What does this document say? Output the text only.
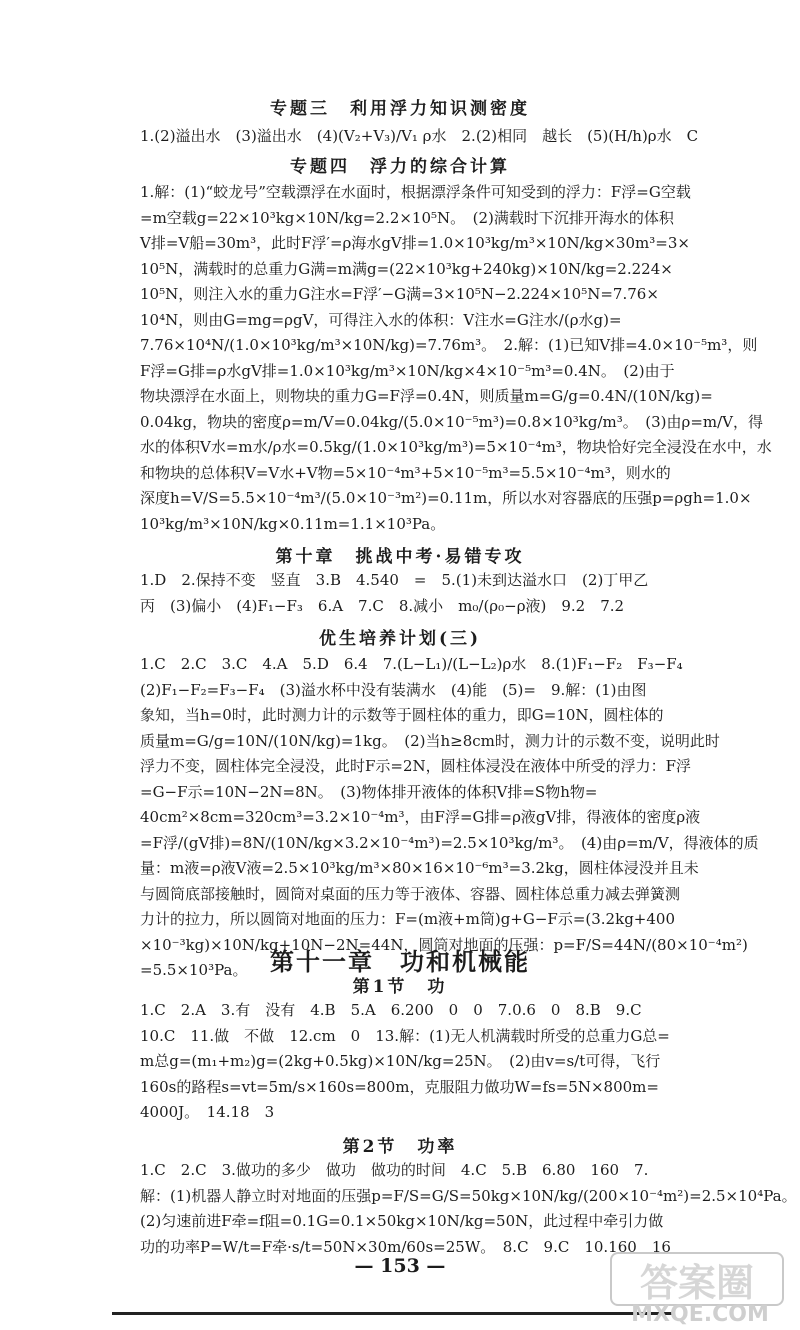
专题三　利用浮力知识测密度
1.(2)溢出水　(3)溢出水　(4)(V₂+V₃)/V₁ ρ水　2.(2)相同　越长　(5)(H/h)ρ水　C
专题四　浮力的综合计算
1.解：(1)“蛟龙号”空载漂浮在水面时，根据漂浮条件可知受到的浮力：F浮=G空载
=m空载g=22×10³kg×10N/kg=2.2×10⁵N。　(2)满载时下沉排开海水的体积
V排=V船=30m³，此时F浮′=ρ海水gV排=1.0×10³kg/m³×10N/kg×30m³=3×
10⁵N，满载时的总重力G满=m满g=(22×10³kg+240kg)×10N/kg=2.224×
10⁵N，则注入水的重力G注水=F浮′−G满=3×10⁵N−2.224×10⁵N=7.76×
10⁴N，则由G=mg=ρgV，可得注入水的体积：V注水=G注水/(ρ水g)=
7.76×10⁴N/(1.0×10³kg/m³×10N/kg)=7.76m³。　2.解：(1)已知V排=4.0×10⁻⁵m³，则
F浮=G排=ρ水gV排=1.0×10³kg/m³×10N/kg×4×10⁻⁵m³=0.4N。　(2)由于
物块漂浮在水面上，则物块的重力G=F浮=0.4N，则质量m=G/g=0.4N/(10N/kg)=
0.04kg，物块的密度ρ=m/V=0.04kg/(5.0×10⁻⁵m³)=0.8×10³kg/m³。　(3)由ρ=m/V，得
水的体积V水=m水/ρ水=0.5kg/(1.0×10³kg/m³)=5×10⁻⁴m³，物块恰好完全浸没在水中，水
和物块的总体积V=V水+V物=5×10⁻⁴m³+5×10⁻⁵m³=5.5×10⁻⁴m³，则水的
深度h=V/S=5.5×10⁻⁴m³/(5.0×10⁻³m²)=0.11m，所以水对容器底的压强p=ρgh=1.0×
10³kg/m³×10N/kg×0.11m=1.1×10³Pa。
第十章　挑战中考·易错专攻
1.D　2.保持不变　竖直　3.B　4.540　=　5.(1)未到达溢水口　(2)丁甲乙
丙　(3)偏小　(4)F₁−F₃　6.A　7.C　8.减小　m₀/(ρ₀−ρ液)　9.2　7.2
优生培养计划(三)
1.C　2.C　3.C　4.A　5.D　6.4　7.(L−L₁)/(L−L₂)ρ水　8.(1)F₁−F₂　F₃−F₄
(2)F₁−F₂=F₃−F₄　(3)溢水杯中没有装满水　(4)能　(5)=　9.解：(1)由图
象知，当h=0时，此时测力计的示数等于圆柱体的重力，即G=10N，圆柱体的
质量m=G/g=10N/(10N/kg)=1kg。　(2)当h≥8cm时，测力计的示数不变，说明此时
浮力不变，圆柱体完全浸没，此时F示=2N，圆柱体浸没在液体中所受的浮力：F浮
=G−F示=10N−2N=8N。　(3)物体排开液体的体积V排=S物h物=
40cm²×8cm=320cm³=3.2×10⁻⁴m³，由F浮=G排=ρ液gV排，得液体的密度ρ液
=F浮/(gV排)=8N/(10N/kg×3.2×10⁻⁴m³)=2.5×10³kg/m³。　(4)由ρ=m/V，得液体的质
量：m液=ρ液V液=2.5×10³kg/m³×80×16×10⁻⁶m³=3.2kg，圆柱体浸没并且未
与圆筒底部接触时，圆筒对桌面的压力等于液体、容器、圆柱体总重力减去弹簧测
力计的拉力，所以圆筒对地面的压力：F=(m液+m筒)g+G−F示=(3.2kg+400
×10⁻³kg)×10N/kg+10N−2N=44N，圆筒对地面的压强：p=F/S=44N/(80×10⁻⁴m²)
=5.5×10³Pa。 第十一章　功和机械能
第1节　功
1.C　2.A　3.有　没有　4.B　5.A　6.200　0　0　7.0.6　0　8.B　9.C
10.C　11.做　不做　12.cm　0　13.解：(1)无人机满载时所受的总重力G总=
m总g=(m₁+m₂)g=(2kg+0.5kg)×10N/kg=25N。　(2)由v=s/t可得，飞行
160s的路程s=vt=5m/s×160s=800m，克服阻力做功W=fs=5N×800m=
4000J。　14.18　3
第2节　功率
1.C　2.C　3.做功的多少　做功　做功的时间　4.C　5.B　6.80　160　7.
解：(1)机器人静立时对地面的压强p=F/S=G/S=50kg×10N/kg/(200×10⁻⁴m²)=2.5×10⁴Pa。
(2)匀速前进F牵=f阻=0.1G=0.1×50kg×10N/kg=50N，此过程中牵引力做
功的功率P=W/t=F牵·s/t=50N×30m/60s=25W。　8.C　9.C　10.160　16
— 153 —	答案圈
MXQE.COM
